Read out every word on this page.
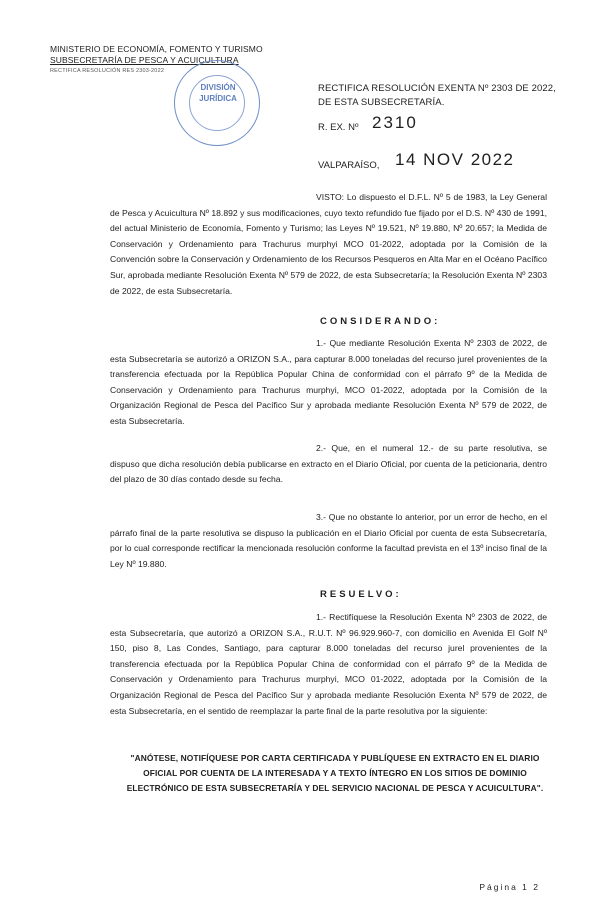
MINISTERIO DE ECONOMÍA, FOMENTO Y TURISMO
SUBSECRETARÍA DE PESCA Y ACUICULTURA
RECTIFICA RESOLUCIÓN RES 2303-2022
DIVISIÓN
JURÍDICA
RECTIFICA RESOLUCIÓN EXENTA Nº 2303 DE 2022,
DE ESTA SUBSECRETARÍA.
R. EX. Nº 2310
VALPARAÍSO, 14 NOV 2022
VISTO: Lo dispuesto el D.F.L. Nº 5 de 1983, la Ley General de Pesca y Acuicultura Nº 18.892 y sus modificaciones, cuyo texto refundido fue fijado por el D.S. Nº 430 de 1991, del actual Ministerio de Economía, Fomento y Turismo; las Leyes Nº 19.521, Nº 19.880, Nº 20.657; la Medida de Conservación y Ordenamiento para Trachurus murphyi MCO 01-2022, adoptada por la Comisión de la Convención sobre la Conservación y Ordenamiento de los Recursos Pesqueros en Alta Mar en el Océano Pacífico Sur, aprobada mediante Resolución Exenta Nº 579 de 2022, de esta Subsecretaría; la Resolución Exenta Nº 2303 de 2022, de esta Subsecretaría.
CONSIDERANDO:
1.- Que mediante Resolución Exenta Nº 2303 de 2022, de esta Subsecretaría se autorizó a ORIZON S.A., para capturar 8.000 toneladas del recurso jurel provenientes de la transferencia efectuada por la República Popular China de conformidad con el párrafo 9º de la Medida de Conservación y Ordenamiento para Trachurus murphyi, MCO 01-2022, adoptada por la Comisión de la Organización Regional de Pesca del Pacífico Sur y aprobada mediante Resolución Exenta Nº 579 de 2022, de esta Subsecretaría.
2.- Que, en el numeral 12.- de su parte resolutiva, se dispuso que dicha resolución debía publicarse en extracto en el Diario Oficial, por cuenta de la peticionaria, dentro del plazo de 30 días contado desde su fecha.
3.- Que no obstante lo anterior, por un error de hecho, en el párrafo final de la parte resolutiva se dispuso la publicación en el Diario Oficial por cuenta de esta Subsecretaría, por lo cual corresponde rectificar la mencionada resolución conforme la facultad prevista en el 13º inciso final de la Ley Nº 19.880.
RESUELVO:
1.- Rectifíquese la Resolución Exenta Nº 2303 de 2022, de esta Subsecretaría, que autorizó a ORIZON S.A., R.U.T. Nº 96.929.960-7, con domicilio en Avenida El Golf Nº 150, piso 8, Las Condes, Santiago, para capturar 8.000 toneladas del recurso jurel provenientes de la transferencia efectuada por la República Popular China de conformidad con el párrafo 9º de la Medida de Conservación y Ordenamiento para Trachurus murphyi, MCO 01-2022, adoptada por la Comisión de la Organización Regional de Pesca del Pacífico Sur y aprobada mediante Resolución Exenta Nº 579 de 2022, de esta Subsecretaría, en el sentido de reemplazar la parte final de la parte resolutiva por la siguiente:
"ANÓTESE, NOTIFÍQUESE POR CARTA CERTIFICADA Y PUBLÍQUESE EN EXTRACTO EN EL DIARIO OFICIAL POR CUENTA DE LA INTERESADA Y A TEXTO ÍNTEGRO EN LOS SITIOS DE DOMINIO ELECTRÓNICO DE ESTA SUBSECRETARÍA Y DEL SERVICIO NACIONAL DE PESCA Y ACUICULTURA".
Página 1 2
